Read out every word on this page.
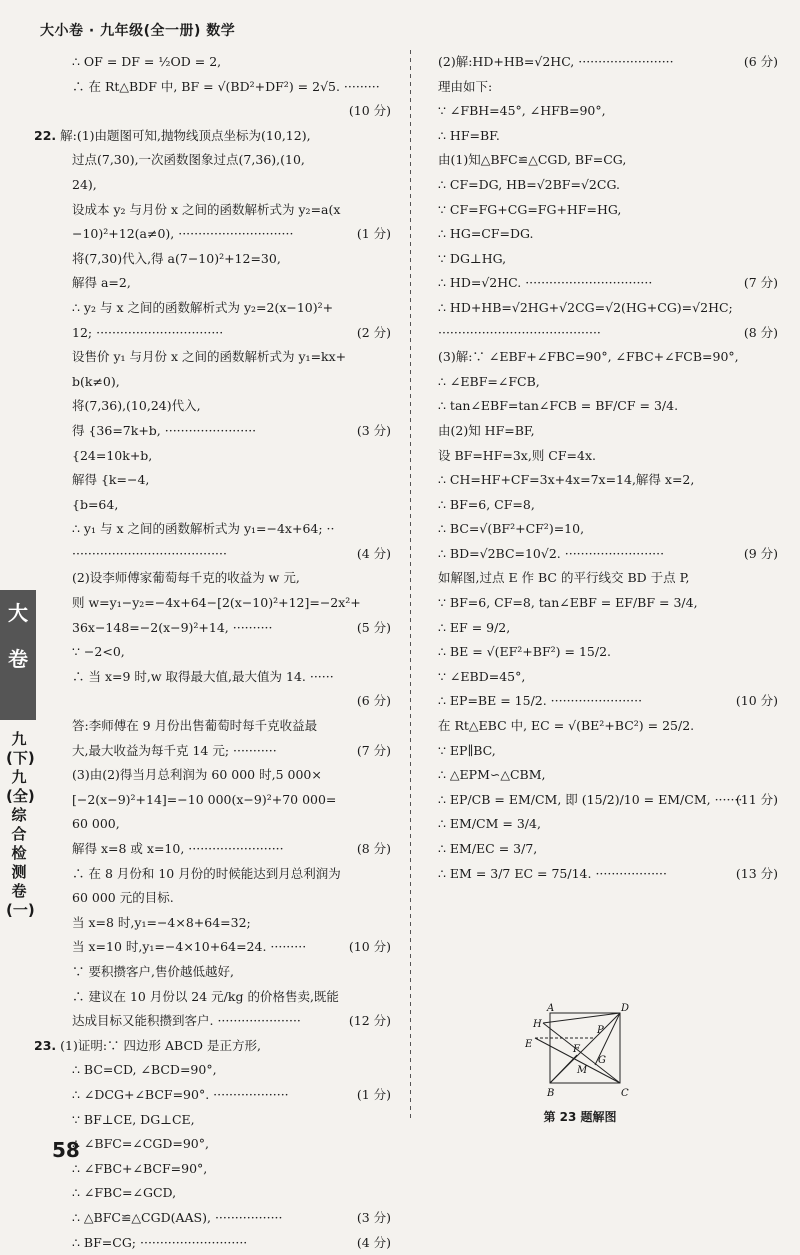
大小卷 · 九年级(全一册) 数学
∴ OF = DF = ½OD = 2,
∴ 在 Rt△BDF 中, BF = √(BD²+DF²) = 2√5. ·········
(10 分)
22. 解:(1)由题图可知,抛物线顶点坐标为(10,12),
过点(7,30),一次函数图象过点(7,36),(10,
24),
设成本 y₂ 与月份 x 之间的函数解析式为 y₂=a(x
(1 分)
−10)²+12(a≠0), ·····························
将(7,30)代入,得 a(7−10)²+12=30,
解得 a=2,
∴ y₂ 与 x 之间的函数解析式为 y₂=2(x−10)²+
(2 分)
12; ································
设售价 y₁ 与月份 x 之间的函数解析式为 y₁=kx+
b(k≠0),
将(7,36),(10,24)代入,
(3 分)
得 {36=7k+b, ·······················
{24=10k+b,
解得 {k=−4,
{b=64,
∴ y₁ 与 x 之间的函数解析式为 y₁=−4x+64; ··
(4 分)
·······································
(2)设李师傅家葡萄每千克的收益为 w 元,
则 w=y₁−y₂=−4x+64−[2(x−10)²+12]=−2x²+
(5 分)
36x−148=−2(x−9)²+14, ··········
∵ −2<0,
∴ 当 x=9 时,w 取得最大值,最大值为 14. ······
(6 分)
答:李师傅在 9 月份出售葡萄时每千克收益最
(7 分)
大,最大收益为每千克 14 元; ···········
(3)由(2)得当月总利润为 60 000 时,5 000×
[−2(x−9)²+14]=−10 000(x−9)²+70 000=
60 000,
(8 分)
解得 x=8 或 x=10, ························
∴ 在 8 月份和 10 月份的时候能达到月总利润为
60 000 元的目标.
当 x=8 时,y₁=−4×8+64=32;
(10 分)
当 x=10 时,y₁=−4×10+64=24. ·········
∵ 要积攒客户,售价越低越好,
∴ 建议在 10 月份以 24 元/kg 的价格售卖,既能
(12 分)
达成目标又能积攒到客户. ·····················
23. (1)证明:∵ 四边形 ABCD 是正方形,
∴ BC=CD, ∠BCD=90°,
(1 分)
∴ ∠DCG+∠BCF=90°. ···················
∵ BF⊥CE, DG⊥CE,
∴ ∠BFC=∠CGD=90°,
∴ ∠FBC+∠BCF=90°,
∴ ∠FBC=∠GCD,
(3 分)
∴ △BFC≌△CGD(AAS), ·················
(4 分)
∴ BF=CG; ···························
(6 分)
(2)解:HD+HB=√2HC, ························
理由如下:
∵ ∠FBH=45°, ∠HFB=90°,
∴ HF=BF.
由(1)知△BFC≌△CGD, BF=CG,
∴ CF=DG, HB=√2BF=√2CG.
∵ CF=FG+CG=FG+HF=HG,
∴ HG=CF=DG.
∵ DG⊥HG,
(7 分)
∴ HD=√2HC. ································
∴ HD+HB=√2HG+√2CG=√2(HG+CG)=√2HC;
(8 分)
·········································
(3)解:∵ ∠EBF+∠FBC=90°, ∠FBC+∠FCB=90°,
∴ ∠EBF=∠FCB,
∴ tan∠EBF=tan∠FCB = BF/CF = 3/4.
由(2)知 HF=BF,
设 BF=HF=3x,则 CF=4x.
∴ CH=HF+CF=3x+4x=7x=14,解得 x=2,
∴ BF=6, CF=8,
∴ BC=√(BF²+CF²)=10,
(9 分)
∴ BD=√2BC=10√2. ·························
如解图,过点 E 作 BC 的平行线交 BD 于点 P,
∵ BF=6, CF=8, tan∠EBF = EF/BF = 3/4,
∴ EF = 9/2,
∴ BE = √(EF²+BF²) = 15/2.
∵ ∠EBD=45°,
(10 分)
∴ EP=BE = 15/2. ·······················
在 Rt△EBC 中, EC = √(BE²+BC²) = 25/2.
∵ EP∥BC,
∴ △EPM∽△CBM,
(11 分)
∴ EP/CB = EM/CM, 即 (15/2)/10 = EM/CM, ·······
∴ EM/CM = 3/4,
∴ EM/EC = 3/7,
(13 分)
∴ EM = 3/7 EC = 75/14. ··················
大
卷
九(下) 九(全)综合检测卷(一)
A	D
H
P
E	F
G
M
B	C
第 23 题解图
58
